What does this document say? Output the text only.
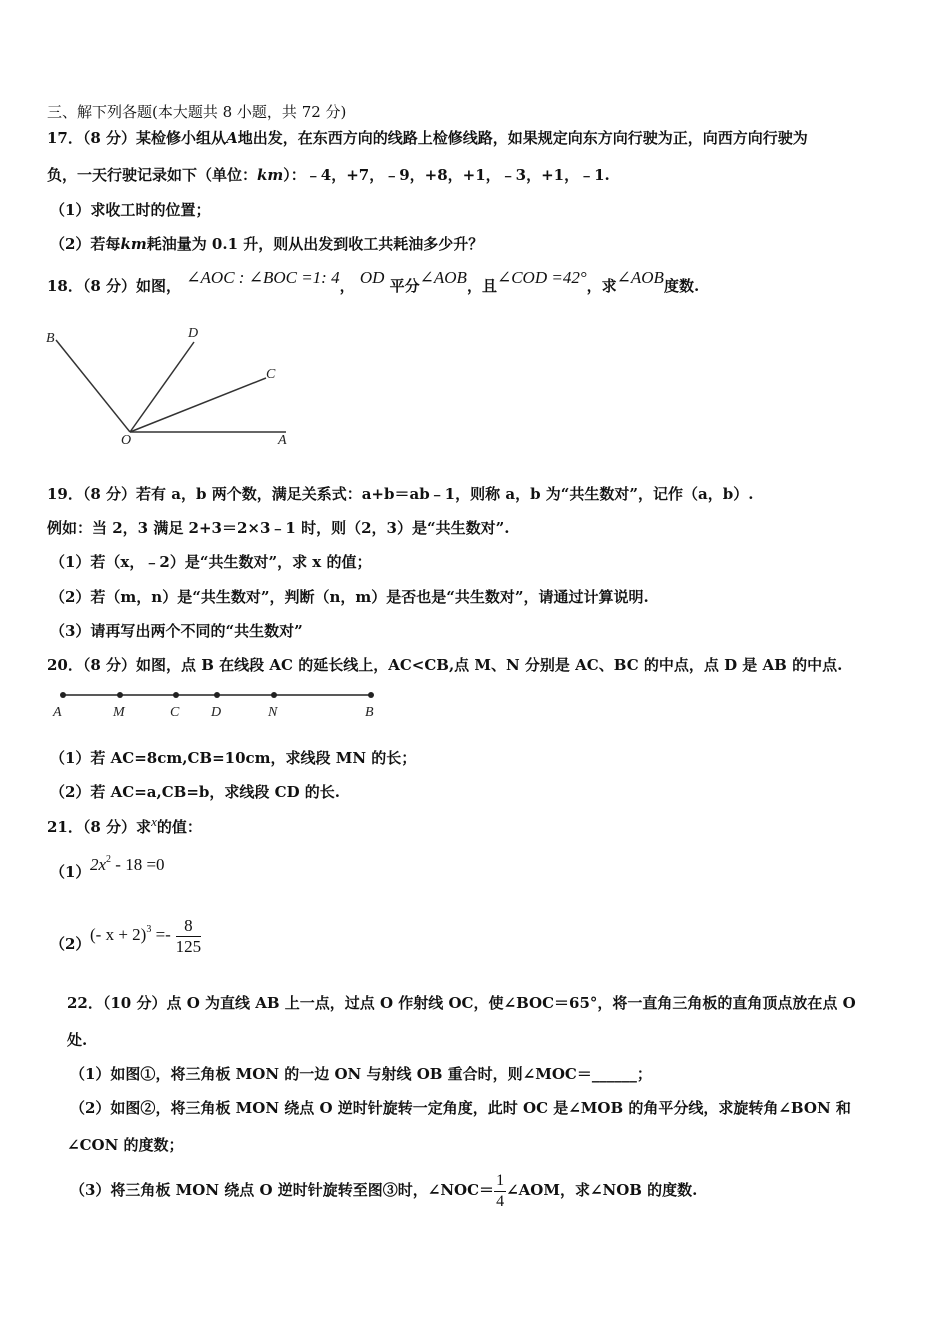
三、解下列各题(本大题共 8 小题，共 72 分)
17．（8 分）某检修小组从A地出发，在东西方向的线路上检修线路，如果规定向东方向行驶为正，向西方向行驶为
负，一天行驶记录如下（单位：km）：﹣4，+7，﹣9，+8，+1，﹣3，+1，﹣1.
（1）求收工时的位置；
（2）若每km耗油量为 0.1 升，则从出发到收工共耗油多少升？
18．（8 分）如图， ∠AOC : ∠BOC =1: 4， OD 平分∠AOB，且∠COD =42°，求∠AOB度数.
B	D
C
O	A
19．（8 分）若有 a，b 两个数，满足关系式：a+b＝ab﹣1，则称 a，b 为“共生数对”，记作（a，b）.
例如：当 2，3 满足 2+3＝2×3﹣1 时，则（2，3）是“共生数对”.
（1）若（x，﹣2）是“共生数对”，求 x 的值；
（2）若（m，n）是“共生数对”，判断（n，m）是否也是“共生数对”，请通过计算说明.
（3）请再写出两个不同的“共生数对”
20．（8 分）如图，点 B 在线段 AC 的延长线上，AC<CB,点 M、N 分别是 AC、BC 的中点，点 D 是 AB 的中点.
A	M	C D	N	B
（1）若 AC=8cm,CB=10cm，求线段 MN 的长；
（2）若 AC=a,CB=b，求线段 CD 的长.
21．（8 分）求x的值：
（1） $2x^2 - 18 =0$
（2） (- $x + 2)^3 =- \frac{8}{125}$
22．（10 分）点 O 为直线 AB 上一点，过点 O 作射线 OC，使∠BOC＝65°，将一直角三角板的直角顶点放在点 O
处.
（1）如图①，将三角板 MON 的一边 ON 与射线 OB 重合时，则∠MOC＝______；
（2）如图②，将三角板 MON 绕点 O 逆时针旋转一定角度，此时 OC 是∠MOB 的角平分线，求旋转角∠BON 和
∠CON 的度数；
（3）将三角板 MON 绕点 O 逆时针旋转至图③时，∠NOC＝ $\frac{1}{4}$ ∠AOM，求∠NOB 的度数.
